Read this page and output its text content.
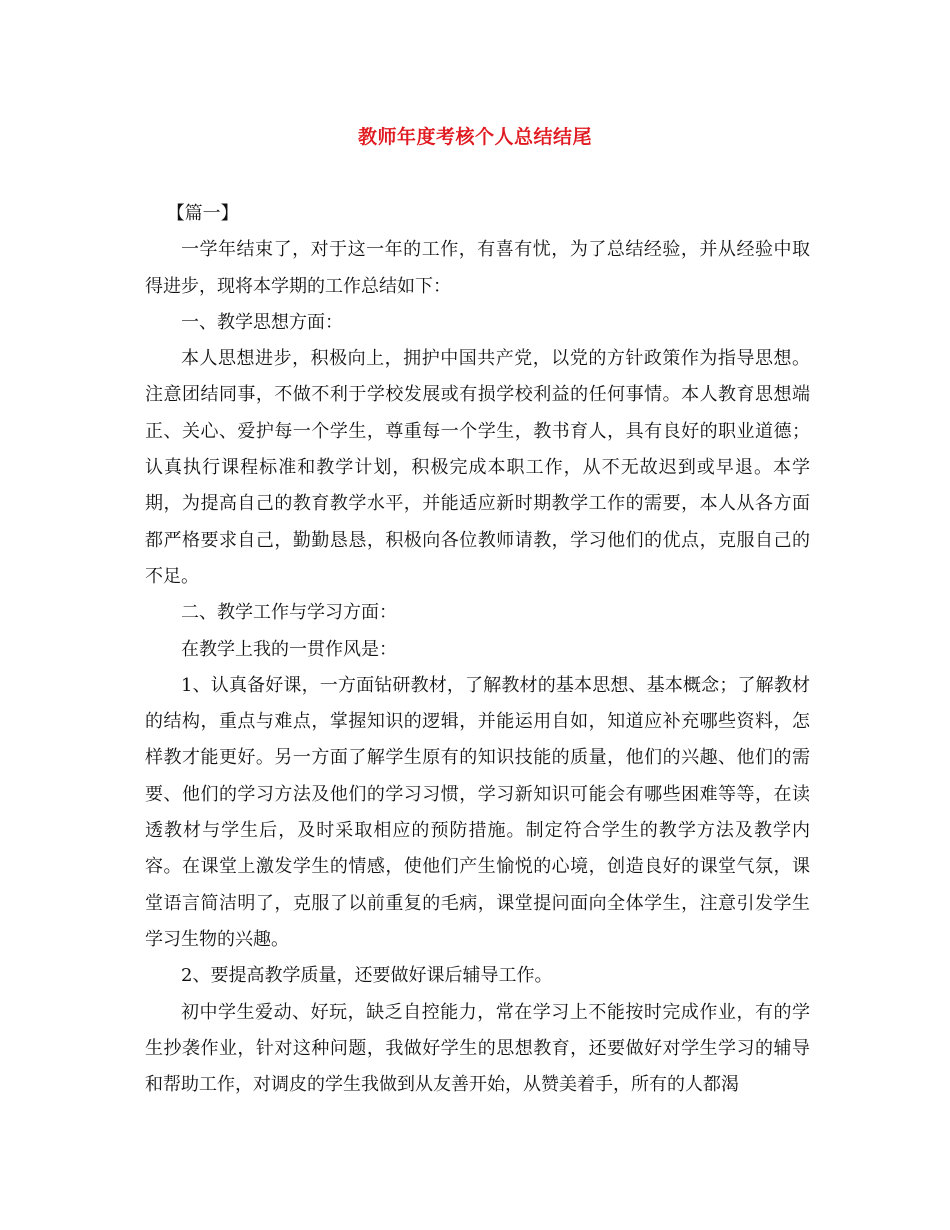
教师年度考核个人总结结尾

【篇一】

一学年结束了，对于这一年的工作，有喜有忧，为了总结经验，并从经验中取得进步，现将本学期的工作总结如下：

一、教学思想方面：

本人思想进步，积极向上，拥护中国共产党，以党的方针政策作为指导思想。注意团结同事，不做不利于学校发展或有损学校利益的任何事情。本人教育思想端正、关心、爱护每一个学生，尊重每一个学生，教书育人，具有良好的职业道德；认真执行课程标准和教学计划，积极完成本职工作，从不无故迟到或早退。本学期，为提高自己的教育教学水平，并能适应新时期教学工作的需要，本人从各方面都严格要求自己，勤勤恳恳，积极向各位教师请教，学习他们的优点，克服自己的不足。

二、教学工作与学习方面：

在教学上我的一贯作风是：

1、认真备好课，一方面钻研教材，了解教材的基本思想、基本概念；了解教材的结构，重点与难点，掌握知识的逻辑，并能运用自如，知道应补充哪些资料，怎样教才能更好。另一方面了解学生原有的知识技能的质量，他们的兴趣、他们的需要、他们的学习方法及他们的学习习惯，学习新知识可能会有哪些困难等等，在读透教材与学生后，及时采取相应的预防措施。制定符合学生的教学方法及教学内容。在课堂上激发学生的情感，使他们产生愉悦的心境，创造良好的课堂气氛，课堂语言简洁明了，克服了以前重复的毛病，课堂提问面向全体学生，注意引发学生学习生物的兴趣。

2、要提高教学质量，还要做好课后辅导工作。

初中学生爱动、好玩，缺乏自控能力，常在学习上不能按时完成作业，有的学生抄袭作业，针对这种问题，我做好学生的思想教育，还要做好对学生学习的辅导和帮助工作，对调皮的学生我做到从友善开始，从赞美着手，所有的人都渴
